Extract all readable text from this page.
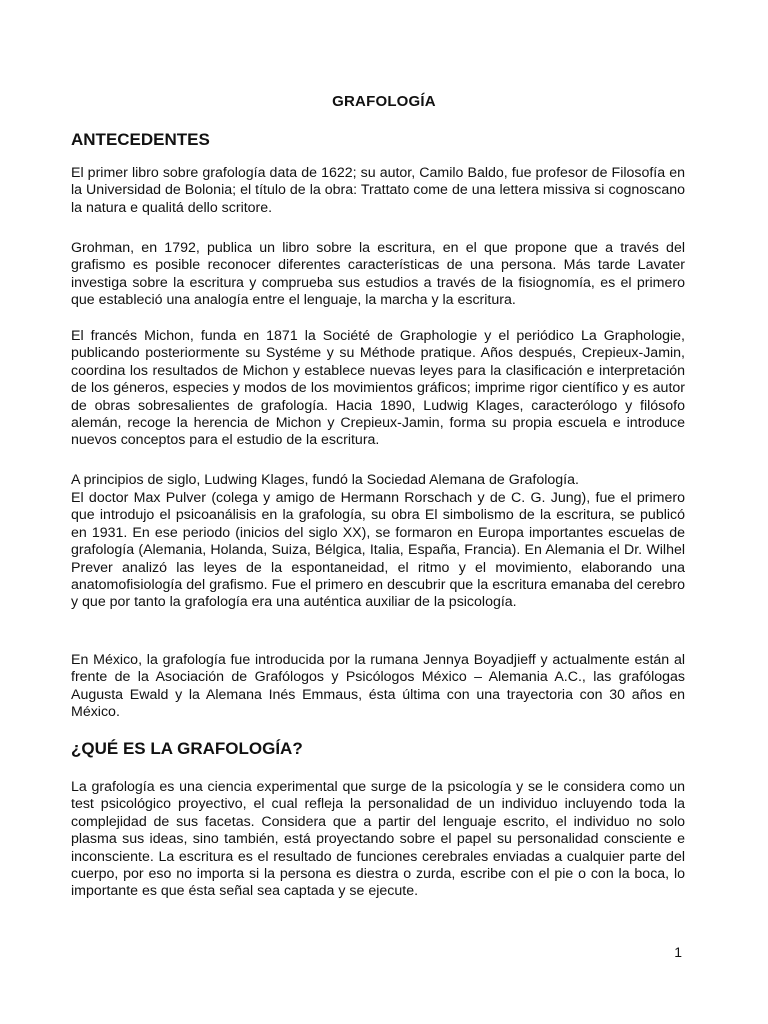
GRAFOLOGÍA
ANTECEDENTES

El primer libro sobre grafología data de 1622; su autor, Camilo Baldo, fue profesor de Filosofía en la Universidad de Bolonia; el título de la obra: Trattato come de una lettera missiva si cognoscano la natura e qualitá dello scritore.

Grohman, en 1792, publica un libro sobre la escritura, en el que propone que a través del grafismo es posible reconocer diferentes características de una persona. Más tarde Lavater investiga sobre la escritura y comprueba sus estudios a través de la fisiognomía, es el primero que estableció una analogía entre el lenguaje, la marcha y la escritura.

El francés Michon, funda en 1871 la Société de Graphologie y el periódico La Graphologie, publicando posteriormente su Systéme y su Méthode pratique. Años después, Crepieux-Jamin, coordina los resultados de Michon y establece nuevas leyes para la clasificación e interpretación de los géneros, especies y modos de los movimientos gráficos; imprime rigor científico y es autor de obras sobresalientes de grafología. Hacia 1890, Ludwig Klages, caracterólogo y filósofo alemán, recoge la herencia de Michon y Crepieux-Jamin, forma su propia escuela e introduce nuevos conceptos para el estudio de la escritura.

A principios de siglo, Ludwing Klages, fundó la Sociedad Alemana de Grafología.

El doctor Max Pulver (colega y amigo de Hermann Rorschach y de C. G. Jung), fue el primero que introdujo el psicoanálisis en la grafología, su obra El simbolismo de la escritura, se publicó en 1931. En ese periodo (inicios del siglo XX), se formaron en Europa importantes escuelas de grafología (Alemania, Holanda, Suiza, Bélgica, Italia, España, Francia). En Alemania el Dr. Wilhel Prever analizó las leyes de la espontaneidad, el ritmo y el movimiento, elaborando una anatomofisiología del grafismo. Fue el primero en descubrir que la escritura emanaba del cerebro y que por tanto la grafología era una auténtica auxiliar de la psicología.

En México, la grafología fue introducida por la rumana Jennya Boyadjieff y actualmente están al frente de la Asociación de Grafólogos y Psicólogos México – Alemania A.C., las grafólogas Augusta Ewald y la Alemana Inés Emmaus, ésta última con una trayectoria con 30 años en México.

¿QUÉ ES LA GRAFOLOGÍA?

La grafología es una ciencia experimental que surge de la psicología y se le considera como un test psicológico proyectivo, el cual refleja la personalidad de un individuo incluyendo toda la complejidad de sus facetas. Considera que a partir del lenguaje escrito, el individuo no solo plasma sus ideas, sino también, está proyectando sobre el papel su personalidad consciente e inconsciente. La escritura es el resultado de funciones cerebrales enviadas a cualquier parte del cuerpo, por eso no importa si la persona es diestra o zurda, escribe con el pie o con la boca, lo importante es que ésta señal sea captada y se ejecute.

1
